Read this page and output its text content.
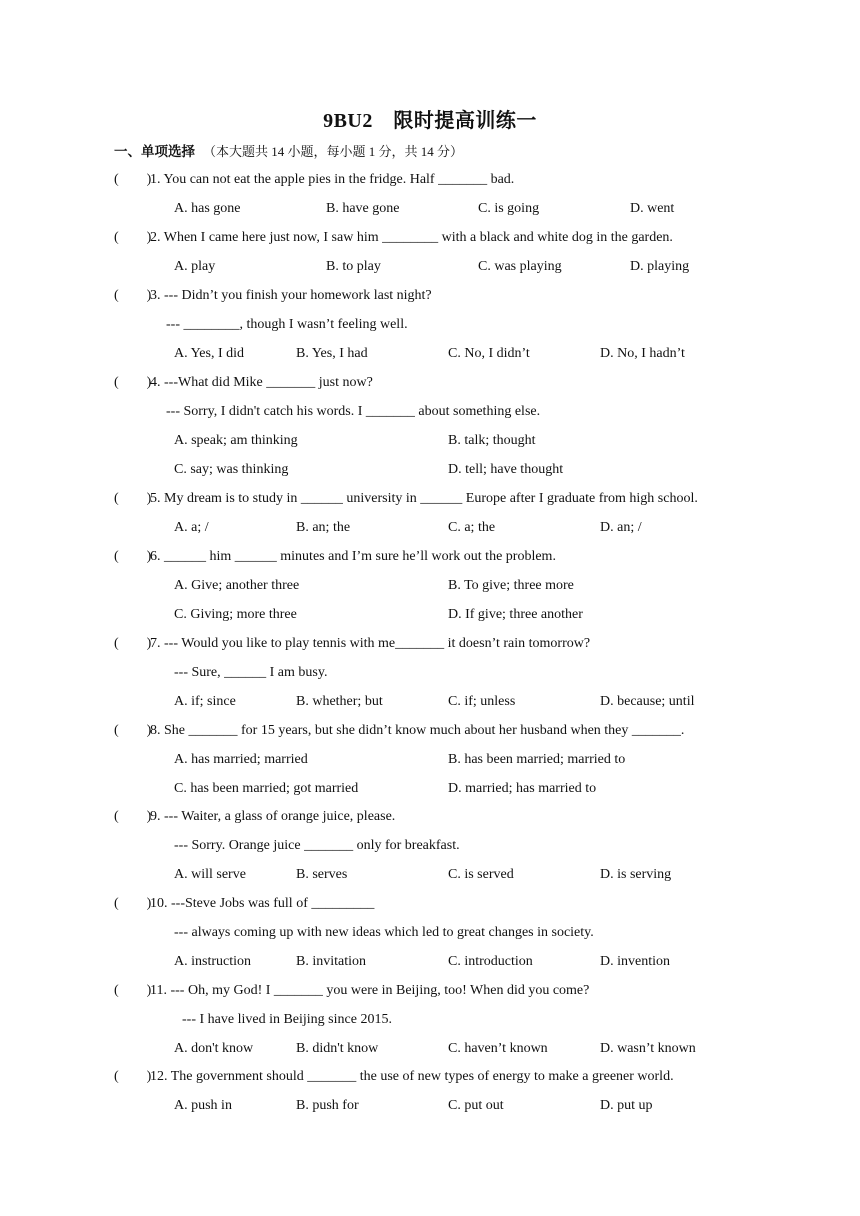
9BU2　限时提高训练一
一、单项选择 （本大题共 14 小题，每小题 1 分，共 14 分）
(　　)1. You can not eat the apple pies in the fridge. Half _______ bad.
A. has gone	B. have gone	C. is going	D. went
(　　)2. When I came here just now, I saw him ________ with a black and white dog in the garden.
A. play	B. to play	C. was playing	D. playing
(　　)3. --- Didn’t you finish your homework last night?
--- ________, though I wasn’t feeling well.
A. Yes, I did	B. Yes, I had	C. No, I didn’t	D. No, I hadn’t
(　　)4. ---What did Mike _______ just now?
--- Sorry, I didn't catch his words. I _______ about something else.
A. speak; am thinking	B. talk; thought
C. say; was thinking	D. tell; have thought
(　　)5. My dream is to study in ______ university in ______ Europe after I graduate from high school.
A. a; /	B. an; the	C. a; the	D. an; /
(　　)6. ______ him ______ minutes and I’m sure he’ll work out the problem.
A. Give; another three	B. To give; three more
C. Giving; more three	D. If give; three another
(　　)7. --- Would you like to play tennis with me_______ it doesn’t rain tomorrow?
--- Sure, ______ I am busy.
A. if; since	B. whether; but	C. if; unless	D. because; until
(　　)8. She _______ for 15 years, but she didn’t know much about her husband when they _______.
A. has married; married	B. has been married; married to
C. has been married; got married	D. married; has married to
(　　)9. --- Waiter, a glass of orange juice, please.
--- Sorry. Orange juice _______ only for breakfast.
A. will serve	B. serves	C. is served	D. is serving
(　　)10. ---Steve Jobs was full of _________
--- always coming up with new ideas which led to great changes in society.
A. instruction	B. invitation	C. introduction	D. invention
(　　)11. --- Oh, my God! I _______ you were in Beijing, too! When did you come?
--- I have lived in Beijing since 2015.
A. don't know	B. didn't know	C. haven’t known	D. wasn’t known
(　　)12. The government should _______ the use of new types of energy to make a greener world.
A. push in	B. push for	C. put out	D. put up
